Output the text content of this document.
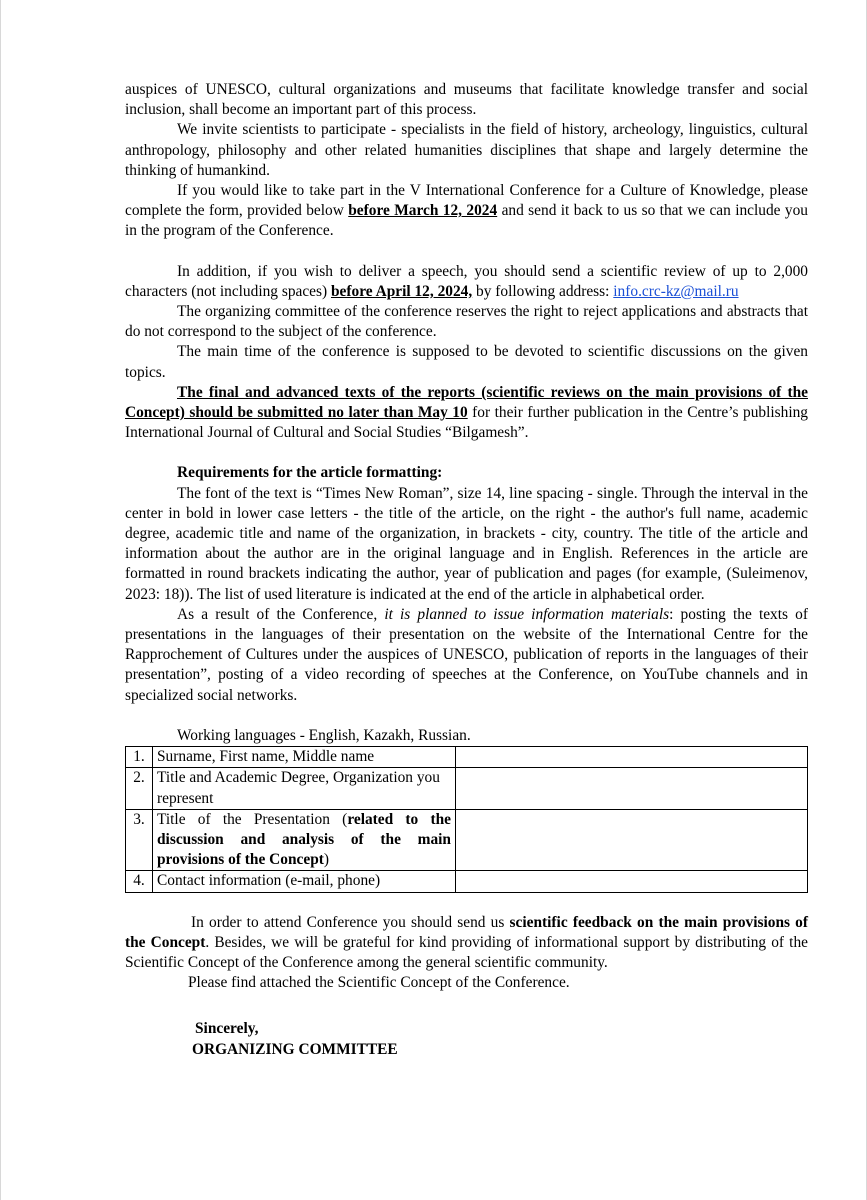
auspices of UNESCO, cultural organizations and museums that facilitate knowledge transfer and social inclusion, shall become an important part of this process.

We invite scientists to participate - specialists in the field of history, archeology, linguistics, cultural anthropology, philosophy and other related humanities disciplines that shape and largely determine the thinking of humankind.

If you would like to take part in the V International Conference for a Culture of Knowledge, please complete the form, provided below before March 12, 2024 and send it back to us so that we can include you in the program of the Conference.

In addition, if you wish to deliver a speech, you should send a scientific review of up to 2,000 characters (not including spaces) before April 12, 2024, by following address: info.crc-kz@mail.ru

The organizing committee of the conference reserves the right to reject applications and abstracts that do not correspond to the subject of the conference.

The main time of the conference is supposed to be devoted to scientific discussions on the given topics.

The final and advanced texts of the reports (scientific reviews on the main provisions of the Concept) should be submitted no later than May 10 for their further publication in the Centre’s publishing International Journal of Cultural and Social Studies “Bilgamesh”.

Requirements for the article formatting:

The font of the text is “Times New Roman”, size 14, line spacing - single. Through the interval in the center in bold in lower case letters - the title of the article, on the right - the author's full name, academic degree, academic title and name of the organization, in brackets - city, country. The title of the article and information about the author are in the original language and in English. References in the article are formatted in round brackets indicating the author, year of publication and pages (for example, (Suleimenov, 2023: 18)). The list of used literature is indicated at the end of the article in alphabetical order.

As a result of the Conference, it is planned to issue information materials: posting the texts of presentations in the languages of their presentation on the website of the International Centre for the Rapprochement of Cultures under the auspices of UNESCO, publication of reports in the languages of their presentation”, posting of a video recording of speeches at the Conference, on YouTube channels and in specialized social networks.

Working languages - English, Kazakh, Russian.

1.	Surname, First name, Middle name	
2.	Title and Academic Degree, Organization you represent	
3.	Title of the Presentation (related to the discussion and analysis of the main provisions of the Concept)	

4.	Contact information (e-mail, phone)	

In order to attend Conference you should send us scientific feedback on the main provisions of the Concept. Besides, we will be grateful for kind providing of informational support by distributing of the Scientific Concept of the Conference among the general scientific community.

Please find attached the Scientific Concept of the Conference.

Sincerely,

ORGANIZING COMMITTEE
